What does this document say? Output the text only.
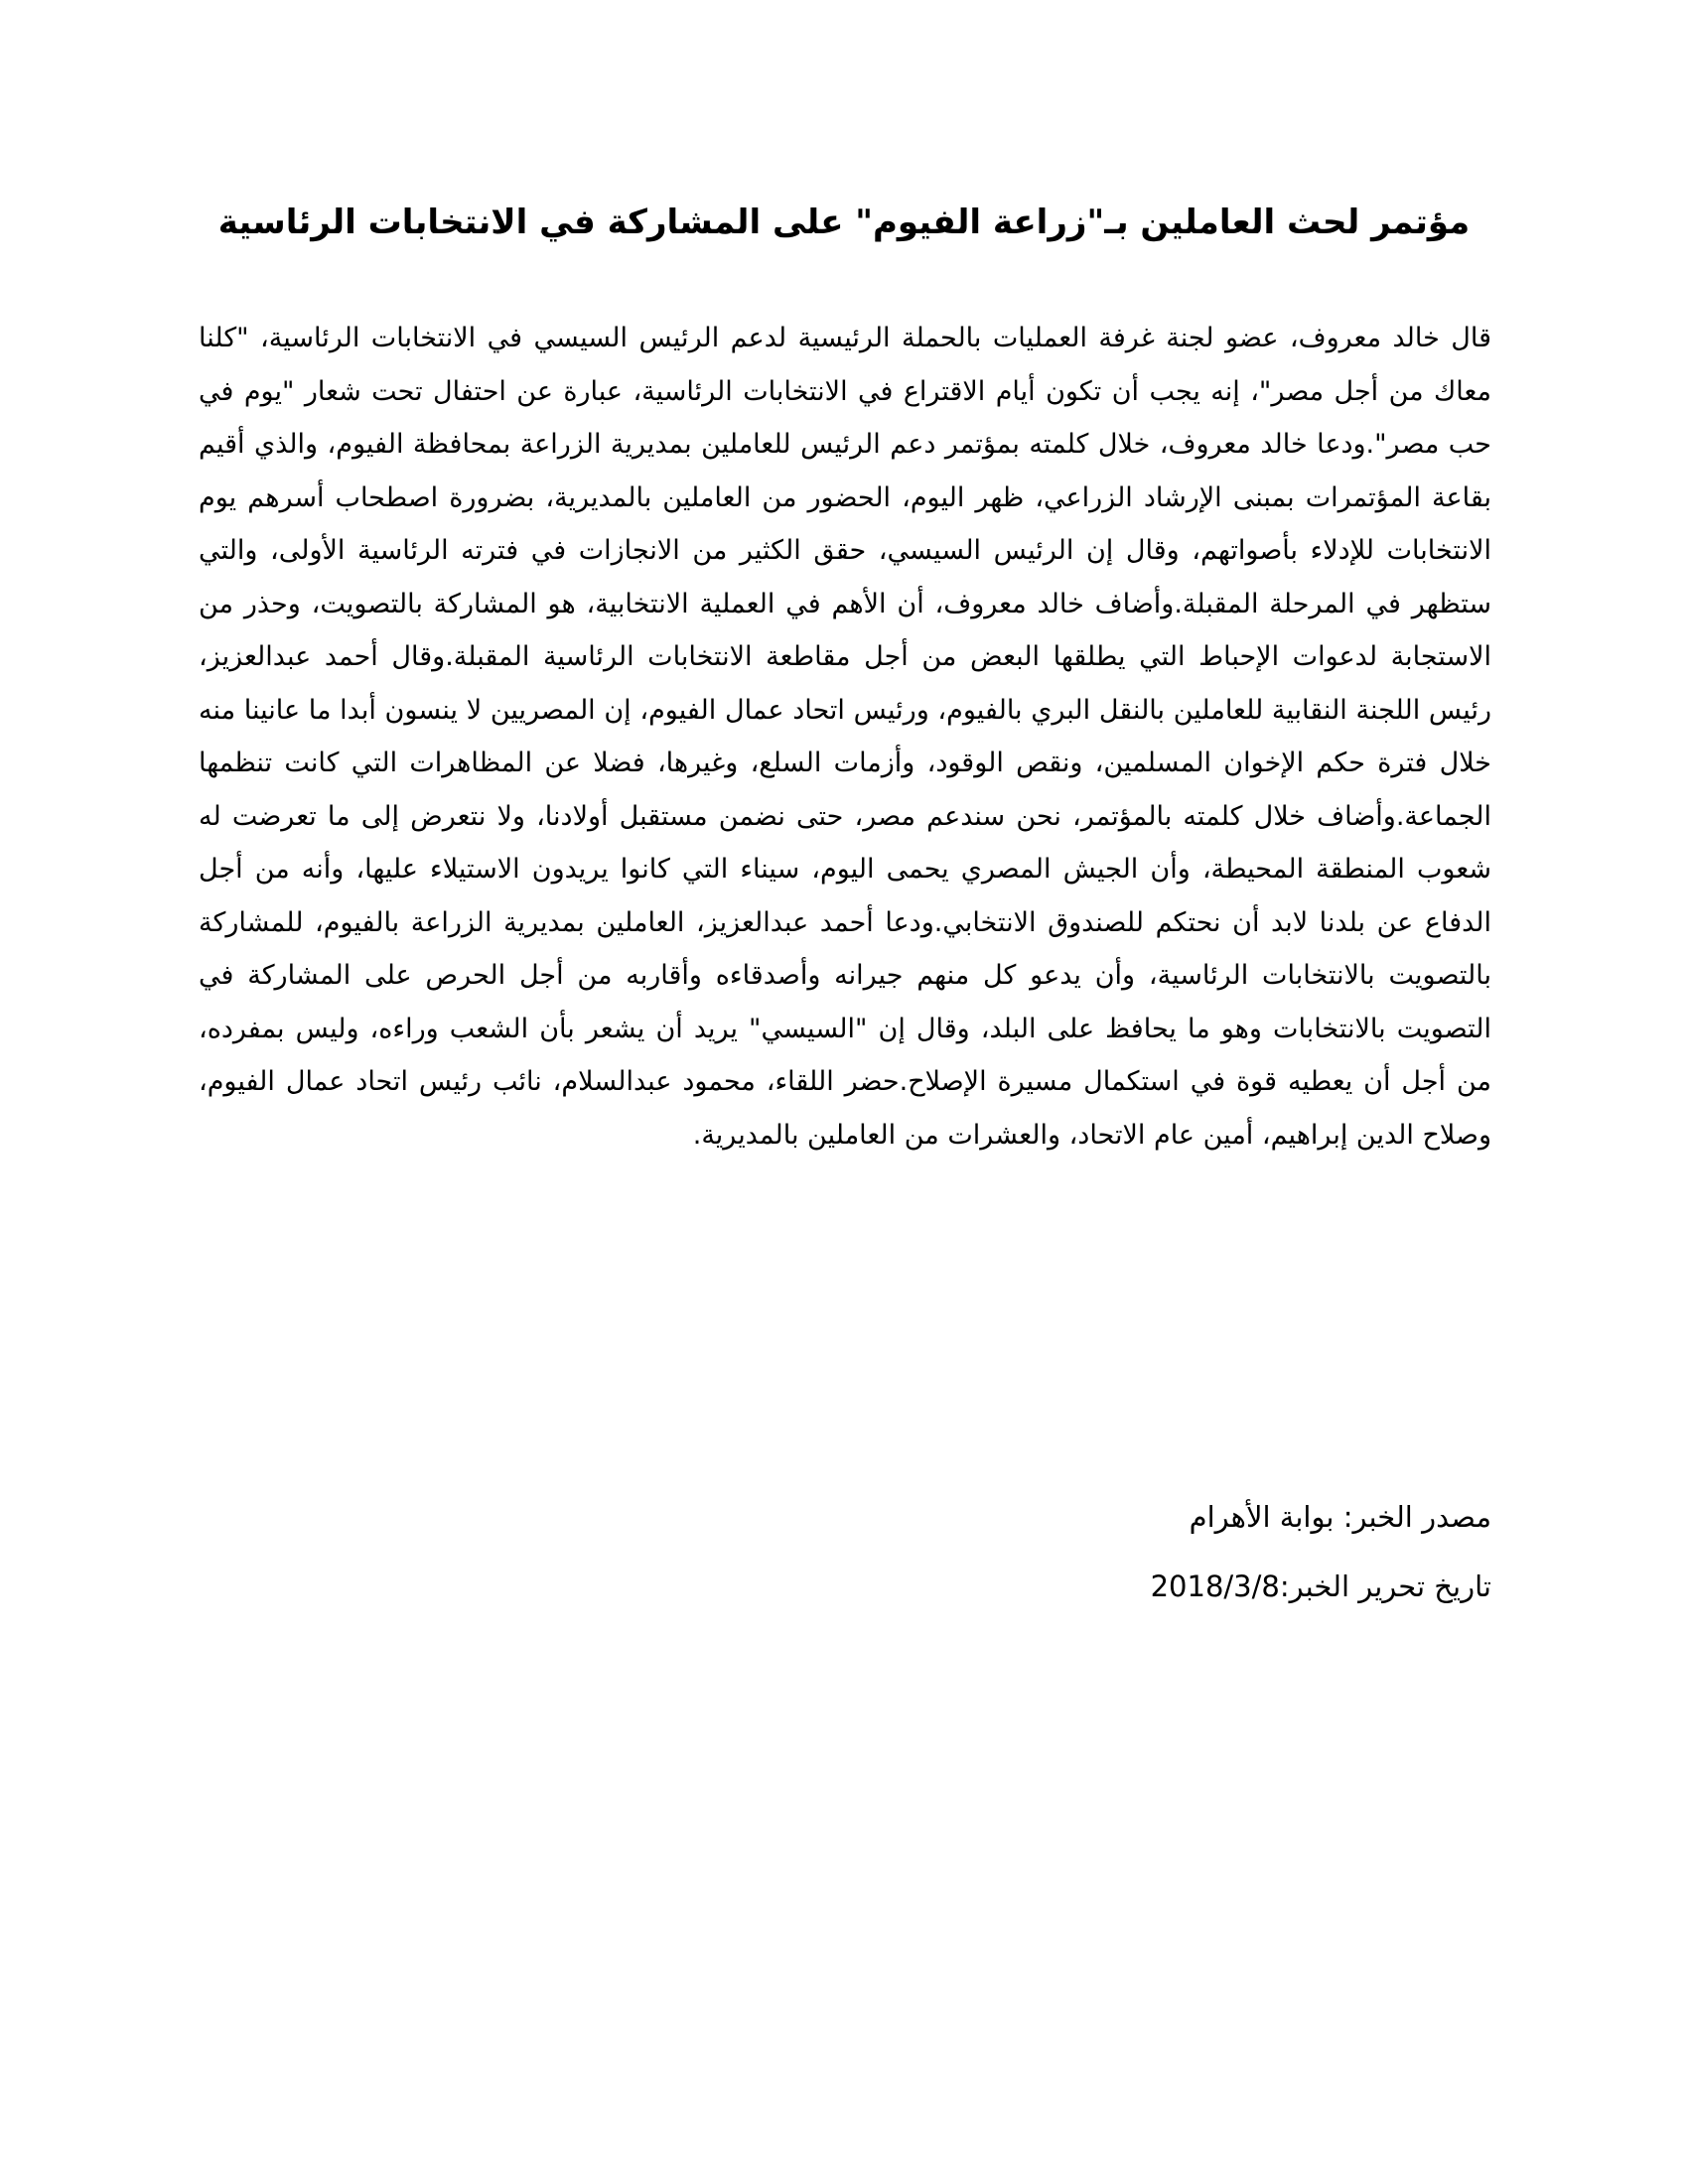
مؤتمر لحث العاملين بـ"زراعة الفيوم" على المشاركة في الانتخابات الرئاسية

قال خالد معروف، عضو لجنة غرفة العمليات بالحملة الرئيسية لدعم الرئيس السيسي في الانتخابات الرئاسية، "كلنا معاك من أجل مصر"، إنه يجب أن تكون أيام الاقتراع في الانتخابات الرئاسية، عبارة عن احتفال تحت شعار "يوم في حب مصر".ودعا خالد معروف، خلال كلمته بمؤتمر دعم الرئيس للعاملين بمديرية الزراعة بمحافظة الفيوم، والذي أقيم بقاعة المؤتمرات بمبنى الإرشاد الزراعي، ظهر اليوم، الحضور من العاملين بالمديرية، بضرورة اصطحاب أسرهم يوم الانتخابات للإدلاء بأصواتهم، وقال إن الرئيس السيسي، حقق الكثير من الانجازات في فترته الرئاسية الأولى، والتي ستظهر في المرحلة المقبلة.وأضاف خالد معروف، أن الأهم في العملية الانتخابية، هو المشاركة بالتصويت، وحذر من الاستجابة لدعوات الإحباط التي يطلقها البعض من أجل مقاطعة الانتخابات الرئاسية المقبلة.وقال أحمد عبدالعزيز، رئيس اللجنة النقابية للعاملين بالنقل البري بالفيوم، ورئيس اتحاد عمال الفيوم، إن المصريين لا ينسون أبدا ما عانينا منه خلال فترة حكم الإخوان المسلمين، ونقص الوقود، وأزمات السلع، وغيرها، فضلا عن المظاهرات التي كانت تنظمها الجماعة.وأضاف خلال كلمته بالمؤتمر، نحن سندعم مصر، حتى نضمن مستقبل أولادنا، ولا نتعرض إلى ما تعرضت له شعوب المنطقة المحيطة، وأن الجيش المصري يحمى اليوم، سيناء التي كانوا يريدون الاستيلاء عليها، وأنه من أجل الدفاع عن بلدنا لابد أن نحتكم للصندوق الانتخابي.ودعا أحمد عبدالعزيز، العاملين بمديرية الزراعة بالفيوم، للمشاركة بالتصويت بالانتخابات الرئاسية، وأن يدعو كل منهم جيرانه وأصدقاءه وأقاربه من أجل الحرص على المشاركة في التصويت بالانتخابات وهو ما يحافظ على البلد، وقال إن "السيسي" يريد أن يشعر بأن الشعب وراءه، وليس بمفرده، من أجل أن يعطيه قوة في استكمال مسيرة الإصلاح.حضر اللقاء، محمود عبدالسلام، نائب رئيس اتحاد عمال الفيوم، وصلاح الدين إبراهيم، أمين عام الاتحاد، والعشرات من العاملين بالمديرية.

مصدر الخبر: بوابة الأهرام

تاريخ تحرير الخبر:2018/3/8
